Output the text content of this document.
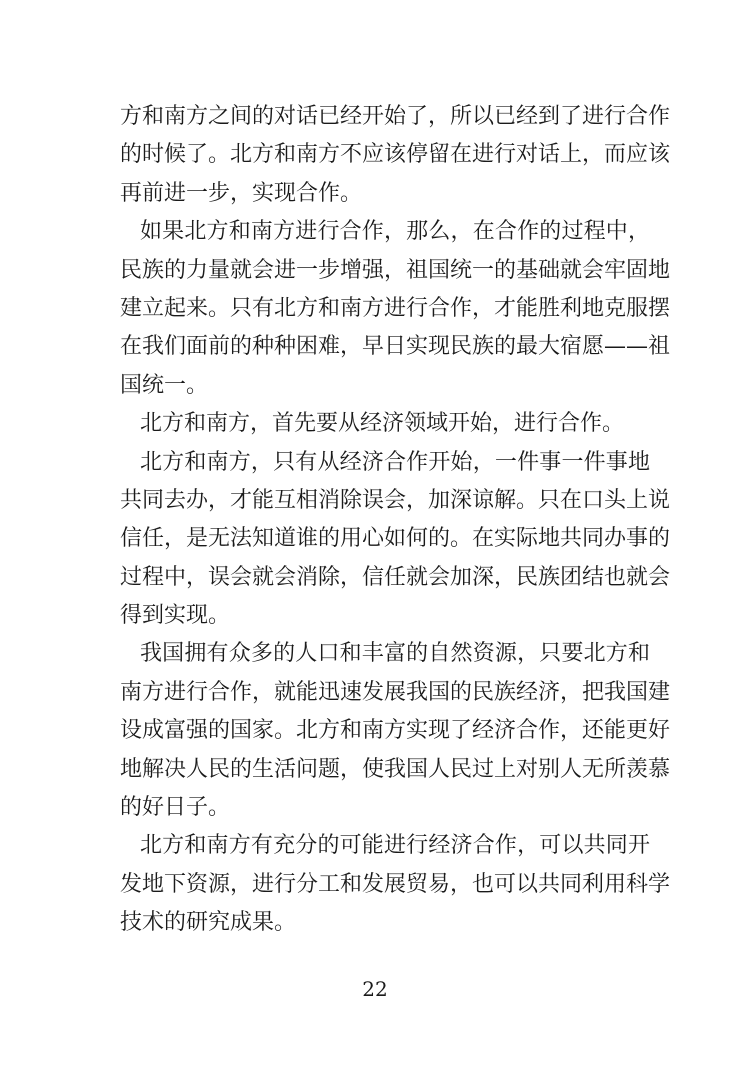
方和南方之间的对话已经开始了，所以已经到了进行合作
的时候了。北方和南方不应该停留在进行对话上，而应该
再前进一步，实现合作。
如果北方和南方进行合作，那么，在合作的过程中，
民族的力量就会进一步增强，祖国统一的基础就会牢固地
建立起来。只有北方和南方进行合作，才能胜利地克服摆
在我们面前的种种困难，早日实现民族的最大宿愿——祖
国统一。
北方和南方，首先要从经济领域开始，进行合作。
北方和南方，只有从经济合作开始，一件事一件事地
共同去办，才能互相消除误会，加深谅解。只在口头上说
信任，是无法知道谁的用心如何的。在实际地共同办事的
过程中，误会就会消除，信任就会加深，民族团结也就会
得到实现。
我国拥有众多的人口和丰富的自然资源，只要北方和
南方进行合作，就能迅速发展我国的民族经济，把我国建
设成富强的国家。北方和南方实现了经济合作，还能更好
地解决人民的生活问题，使我国人民过上对别人无所羡慕
的好日子。
北方和南方有充分的可能进行经济合作，可以共同开
发地下资源，进行分工和发展贸易，也可以共同利用科学
技术的研究成果。
22
